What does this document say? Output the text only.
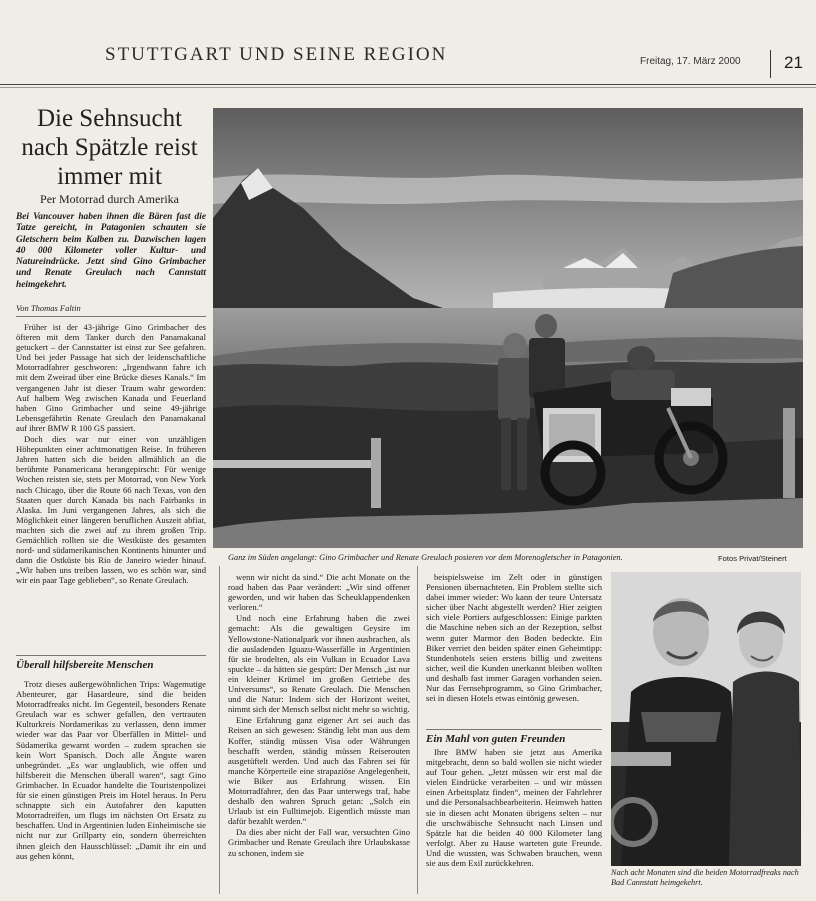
STUTTGART UND SEINE REGION	Freitag, 17. März 2000	21
Die Sehnsucht nach Spätzle reist immer mit
Per Motorrad durch Amerika
Bei Vancouver haben ihnen die Bären fast die Tatze gereicht, in Patagonien schauten sie Gletschern beim Kalben zu. Dazwischen lagen 40 000 Kilometer voller Kultur- und Natureindrücke. Jetzt sind Gino Grimbacher und Renate Greulach nach Cannstatt heimgekehrt.
Von Thomas Faltin

Früher ist der 43-jährige Gino Grimbacher des öfteren mit dem Tanker durch den Panamakanal getuckert – der Cannstatter ist einst zur See gefahren. Und bei jeder Passage hat sich der leidenschaftliche Motorradfahrer geschworen: „Irgendwann fahre ich mit dem Zweirad über eine Brücke dieses Kanals.“ Im vergangenen Jahr ist dieser Traum wahr geworden: Auf halbem Weg zwischen Kanada und Feuerland haben Gino Grimbacher und seine 49-jährige Lebensgefährtin Renate Greulach den Panamakanal auf ihrer BMW R 100 GS passiert.

Doch dies war nur einer von unzähligen Höhepunkten einer achtmonatigen Reise. In früheren Jahren hatten sich die beiden allmählich an die berühmte Panamericana herangepirscht: Für wenige Wochen reisten sie, stets per Motorrad, von New York nach Chicago, über die Route 66 nach Texas, von den Staaten quer durch Kanada bis nach Fairbanks in Alaska. Im Juni vergangenen Jahres, als sich die Möglichkeit einer längeren beruflichen Auszeit abfiat, machten sich die zwei auf zu ihrem großen Trip. Gemächlich rollten sie die Westküste des gesamten nord- und südamerikanischen Kontinents hinunter und dann die Ostküste bis Rio de Janeiro wieder hinauf. „Wir haben uns treiben lassen, wo es schön war, sind wir ein paar Tage geblieben“, so Renate Greulach.

Überall hilfsbereite Menschen

Trotz dieses außergewöhnlichen Trips: Wagemutige Abenteurer, gar Hasardeure, sind die beiden Motorradfreaks nicht. Im Gegenteil, besonders Renate Greulach war es schwer gefallen, den vertrauten Kulturkreis Nordamerikas zu verlassen, denn immer wieder war das Paar vor Überfällen in Mittel- und Südamerika gewarnt worden – zudem sprachen sie kein Wort Spanisch. Doch alle Ängste waren unbegründet. „Es war unglaublich, wie offen und hilfsbereit die Menschen überall waren“, sagt Gino Grimbacher. In Ecuador handelte die Touristenpolizei für sie einen günstigen Preis im Hotel heraus. In Peru schnappte sich ein Autofahrer den kaputten Motorradreifen, um flugs im nächsten Ort Ersatz zu beschaffen. Und in Argentinien luden Einheimische sie nicht nur zur Grillparty ein, sondern überreichten ihnen gleich den Hausschlüssel: „Damit ihr ein und aus gehen könnt,

wenn wir nicht da sind.“ Die acht Monate on the road haben das Paar verändert: „Wir sind offener geworden, und wir haben das Scheuklappendenken verloren.“

Und noch eine Erfahrung haben die zwei gemacht: Als die gewaltigen Geysire im Yellowstone-Nationalpark vor ihnen ausbrachen, als die ausladenden Iguazu-Wasserfälle in Argentinien für sie brodelten, als ein Vulkan in Ecuador Lava spuckte – da hätten sie gespürt: Der Mensch „ist nur ein kleiner Krümel im großen Getriebe des Universums“, so Renate Greulach. Die Menschen und die Natur: Indem sich der Horizont weitet, nimmt sich der Mensch selbst nicht mehr so wichtig.

Eine Erfahrung ganz eigener Art sei auch das Reisen an sich gewesen: Ständig lebt man aus dem Koffer, ständig müssen Visa oder Währungen beschafft werden, ständig müssen Reiserouten ausgetüftelt werden. Und auch das Fahren sei für manche Körperteile eine strapaziöse Angelegenheit, wie Biker aus Erfahrung wissen. Ein Motorradfahrer, den das Paar unterwegs traf, habe deshalb den wahren Spruch getan: „Solch ein Urlaub ist ein Fulltimejob. Eigentlich müsste man dafür bezahlt werden.“

Da dies aber nicht der Fall war, versuchten Gino Grimbacher und Renate Greulach ihre Urlaubskasse zu schonen, indem sie

beispielsweise im Zelt oder in günstigen Pensionen übernachteten. Ein Problem stellte sich dabei immer wieder: Wo kann der teure Untersatz sicher über Nacht abgestellt werden? Hier zeigten sich viele Portiers aufgeschlossen: Einige parkten die Maschine neben sich an der Rezeption, selbst wenn guter Marmor den Boden bedeckte. Ein Biker verriet den beiden später einen Geheimtipp: Stundenhotels seien erstens billig und zweitens sicher, weil die Kunden unerkannt bleiben wollten und deshalb fast immer Garagen vorhanden seien. Nur das Fernsehprogramm, so Gino Grimbacher, sei in diesen Hotels etwas eintönig gewesen.

Ein Mahl von guten Freunden

Ihre BMW haben sie jetzt aus Amerika mitgebracht, denn so bald wollen sie nicht wieder auf Tour gehen. „Jetzt müssen wir erst mal die vielen Eindrücke verarbeiten – und wir müssen einen Arbeitsplatz finden“, meinen der Fahrlehrer und die Personalsachbearbeiterin. Heimweh hatten sie in diesen acht Monaten übrigens selten – nur die urschwäbische Sehnsucht nach Linsen und Spätzle hat die beiden 40 000 Kilometer lang verfolgt. Aber zu Hause warteten gute Freunde. Und die wussten, was Schwaben brauchen, wenn sie aus dem Exil zurückkehren.

Ganz im Süden angelangt: Gino Grimbacher und Renate Greulach posieren vor dem Morenogletscher in Patagonien.	Fotos Privat/Steinert
Nach acht Monaten sind die beiden Motorradfreaks nach Bad Cannstatt heimgekehrt.
